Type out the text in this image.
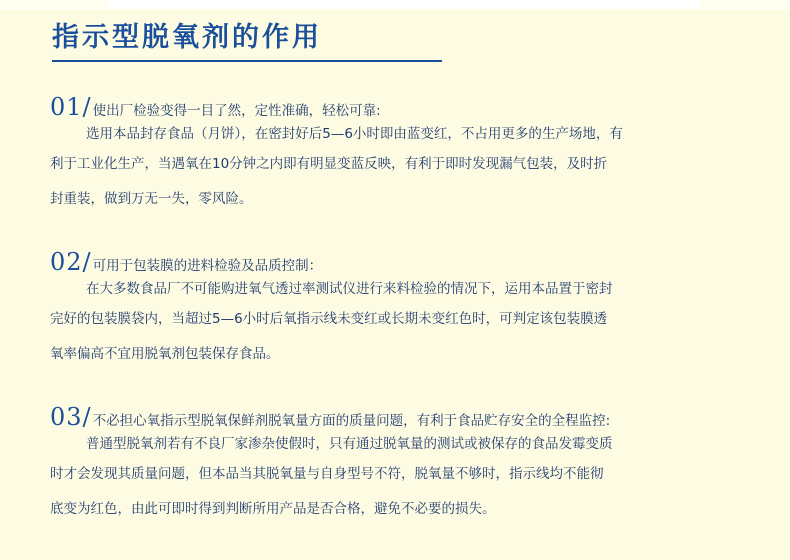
指示型脱氧剂的作用
01/ 使出厂检验变得一目了然，定性准确，轻松可靠:
选用本品封存食品（月饼），在密封好后5—6小时即由蓝变红，不占用更多的生产场地，有
利于工业化生产，当遇氧在10分钟之内即有明显变蓝反映，有利于即时发现漏气包装，及时折
封重装，做到万无一失，零风险。
02/ 可用于包装膜的进料检验及品质控制：
在大多数食品厂不可能购进氧气透过率测试仪进行来料检验的情况下，运用本品置于密封
完好的包装膜袋内，当超过5—6小时后氧指示线未变红或长期未变红色时，可判定该包装膜透
氧率偏高不宜用脱氧剂包装保存食品。
03/ 不必担心氧指示型脱氧保鲜剂脱氧量方面的质量问题，有利于食品贮存安全的全程监控:
普通型脱氧剂若有不良厂家渗杂使假时，只有通过脱氧量的测试或被保存的食品发霉变质
时才会发现其质量问题，但本品当其脱氧量与自身型号不符，脱氧量不够时，指示线均不能彻
底变为红色，由此可即时得到判断所用产品是否合格，避免不必要的损失。
